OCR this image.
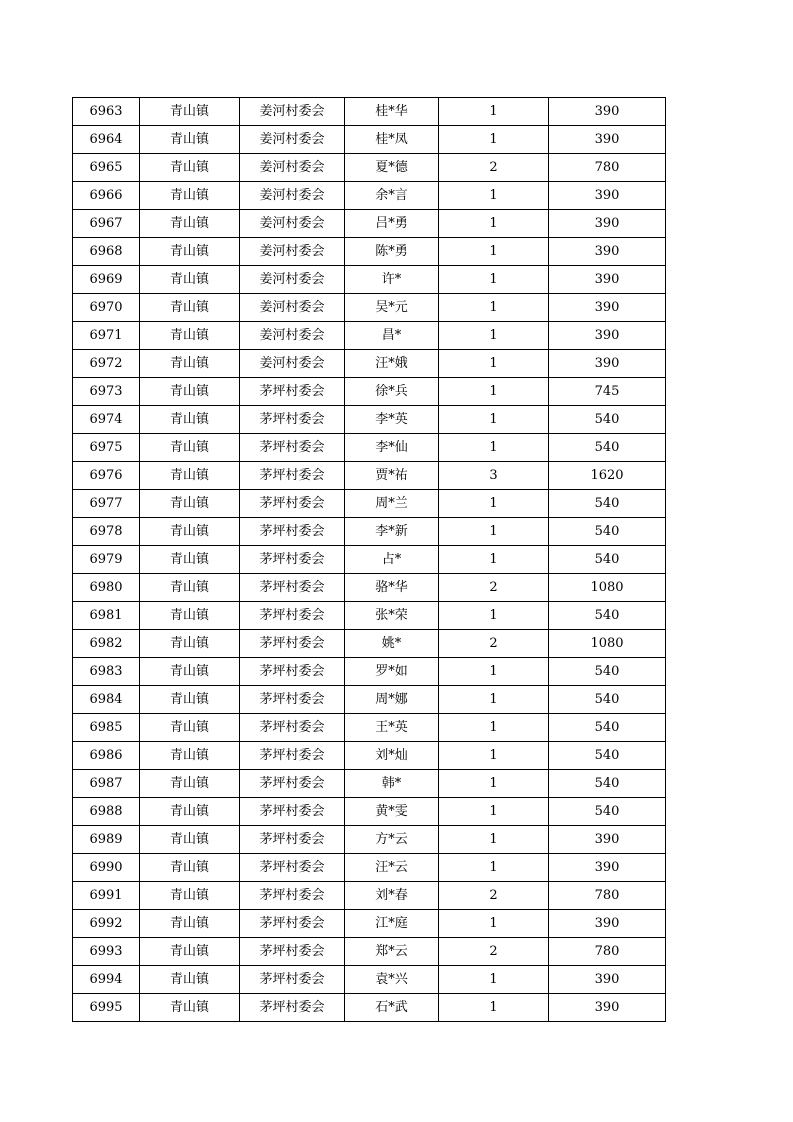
6963	青山镇	姜河村委会	桂*华	1	390
6964	青山镇	姜河村委会	桂*凤	1	390
6965	青山镇	姜河村委会	夏*德	2	780
6966	青山镇	姜河村委会	余*言	1	390
6967	青山镇	姜河村委会	吕*勇	1	390
6968	青山镇	姜河村委会	陈*勇	1	390
6969	青山镇	姜河村委会	许*	1	390
6970	青山镇	姜河村委会	吴*元	1	390
6971	青山镇	姜河村委会	昌*	1	390
6972	青山镇	姜河村委会	汪*娥	1	390
6973	青山镇	茅坪村委会	徐*兵	1	745
6974	青山镇	茅坪村委会	李*英	1	540
6975	青山镇	茅坪村委会	李*仙	1	540
6976	青山镇	茅坪村委会	贾*祐	3	1620
6977	青山镇	茅坪村委会	周*兰	1	540
6978	青山镇	茅坪村委会	李*新	1	540
6979	青山镇	茅坪村委会	占*	1	540
6980	青山镇	茅坪村委会	骆*华	2	1080
6981	青山镇	茅坪村委会	张*荣	1	540
6982	青山镇	茅坪村委会	姚*	2	1080
6983	青山镇	茅坪村委会	罗*如	1	540
6984	青山镇	茅坪村委会	周*娜	1	540
6985	青山镇	茅坪村委会	王*英	1	540
6986	青山镇	茅坪村委会	刘*灿	1	540
6987	青山镇	茅坪村委会	韩*	1	540
6988	青山镇	茅坪村委会	黄*雯	1	540
6989	青山镇	茅坪村委会	方*云	1	390
6990	青山镇	茅坪村委会	汪*云	1	390
6991	青山镇	茅坪村委会	刘*春	2	780
6992	青山镇	茅坪村委会	江*庭	1	390
6993	青山镇	茅坪村委会	郑*云	2	780
6994	青山镇	茅坪村委会	袁*兴	1	390
6995	青山镇	茅坪村委会	石*武	1	390
